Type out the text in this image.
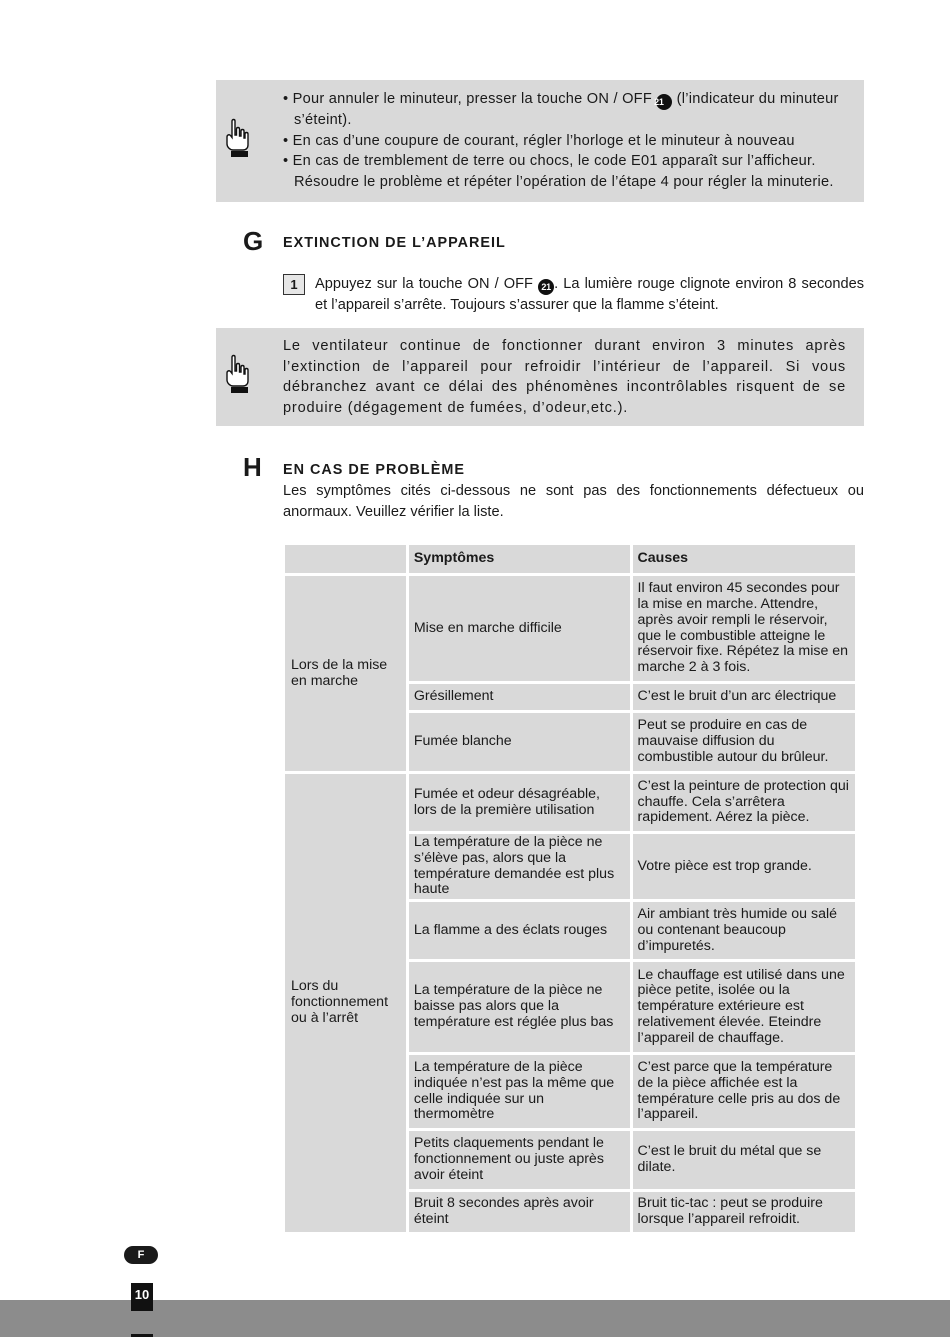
• Pour annuler le minuteur, presser la touche ON / OFF 21 (l’indicateur du minuteur s’éteint).

• En cas d’une coupure de courant, régler l’horloge et le minuteur à nouveau

• En cas de tremblement de terre ou chocs, le code E01 apparaît sur l’afficheur. Résoudre le problème et répéter l’opération de l’étape 4 pour régler la minuterie.

G EXTINCTION DE L’APPAREIL
1	Appuyez sur la touche ON / OFF 21 . La lumière rouge clignote environ 8 secondes et l’appareil s’arrête. Toujours s’assurer que la flamme s’éteint.
Le ventilateur continue de fonctionner durant environ 3 minutes après l’extinction de l’appareil pour refroidir l’intérieur de l’appareil. Si vous débranchez avant ce délai des phénomènes incontrôlables risquent de se produire (dégagement de fumées, d’odeur,etc.).
H EN CAS DE PROBLÈME
Les symptômes cités ci-dessous ne sont pas des fonctionnements défectueux ou anormaux. Veuillez vérifier la liste.
	Symptômes	Causes
Lors de la mise en marche	Mise en marche difficile	Il faut environ 45 secondes pour la mise en marche. Attendre, après avoir rempli le réservoir, que le combustible atteigne le réservoir fixe. Répétez la mise en marche 2 à 3 fois.
	Grésillement	C’est le bruit d’un arc électrique
	Fumée blanche	Peut se produire en cas de mauvaise diffusion du combustible autour du brûleur.
Lors du fonctionnement ou à l’arrêt	Fumée et odeur désagréable, lors de la première utilisation	C’est la peinture de protection qui chauffe. Cela s’arrêtera rapidement. Aérez la pièce.
	La température de la pièce ne s’élève pas, alors que la température demandée est plus haute	Votre pièce est trop grande.
	La flamme a des éclats rouges	Air ambiant très humide ou salé ou contenant beaucoup d’impuretés.
	La température de la pièce ne baisse pas alors que la température est réglée plus bas	Le chauffage est utilisé dans une pièce petite, isolée ou la température extérieure est relativement élevée. Eteindre l’appareil de chauffage.
	La température de la pièce indiquée n’est pas la même que celle indiquée sur un thermomètre	C’est parce que la température de la pièce affichée est la température celle pris au dos de l’appareil.
	Petits claquements pendant le fonctionnement ou juste après avoir éteint	C’est le bruit du métal que se dilate.
	Bruit 8 secondes après avoir éteint	Bruit tic-tac : peut se produire lorsque l’appareil refroidit.
F
10
